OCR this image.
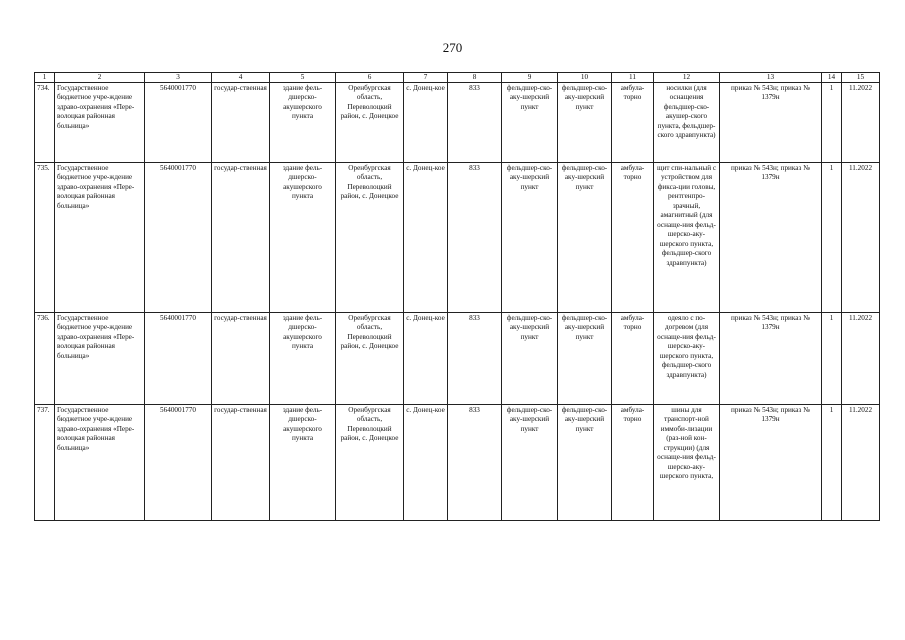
270
1	2	3	4	5	6	7	8	9	10	11	12	13	14	15
734.	Государственное бюджетное учре-ждение здраво-охранения «Пере-волоцкая районная больница»	5640001770	государ-ственная	здание фель-дшерско-акушерского пункта	Оренбургская область, Переволоцкий район, с. Донецкое	с. Донец-кое	833	фельдшер-ско-аку-шерский пункт	фельдшер-ско-аку-шерский пункт	амбула-торно	носилки (для оснащения фельдшер-ско-акушер-ского пункта, фельдшер-ского здравпункта)	приказ № 543н; приказ № 1379н	1	11.2022
735.	Государственное бюджетное учре-ждение здраво-охранения «Пере-волоцкая районная больница»	5640001770	государ-ственная	здание фель-дшерско-акушерского пункта	Оренбургская область, Переволоцкий район, с. Донецкое	с. Донец-кое	833	фельдшер-ско-аку-шерский пункт	фельдшер-ско-аку-шерский пункт	амбула-торно	щит спи-нальный с устройством для фикса-ции головы, рентгенпро-зрачный, амагнитный (для оснаще-ния фельд-шерско-аку-шерского пункта, фельдшер-ского здравпункта)	приказ № 543н; приказ № 1379н	1	11.2022
736.	Государственное бюджетное учре-ждение здраво-охранения «Пере-волоцкая районная больница»	5640001770	государ-ственная	здание фель-дшерско-акушерского пункта	Оренбургская область, Переволоцкий район, с. Донецкое	с. Донец-кое	833	фельдшер-ско-аку-шерский пункт	фельдшер-ско-аку-шерский пункт	амбула-торно	одеяло с по-догревом (для оснаще-ния фельд-шерско-аку-шерского пункта, фельдшер-ского здравпункта)	приказ № 543н; приказ № 1379н	1	11.2022
737.	Государственное бюджетное учре-ждение здраво-охранения «Пере-волоцкая районная больница»	5640001770	государ-ственная	здание фель-дшерско-акушерского пункта	Оренбургская область, Переволоцкий район, с. Донецкое	с. Донец-кое	833	фельдшер-ско-аку-шерский пункт	фельдшер-ско-аку-шерский пункт	амбула-торно	шины для транспорт-ной иммоби-лизации (раз-ной кон-струкции) (для оснаще-ния фельд-шерско-аку-шерского пункта,	приказ № 543н; приказ № 1379н	1	11.2022
